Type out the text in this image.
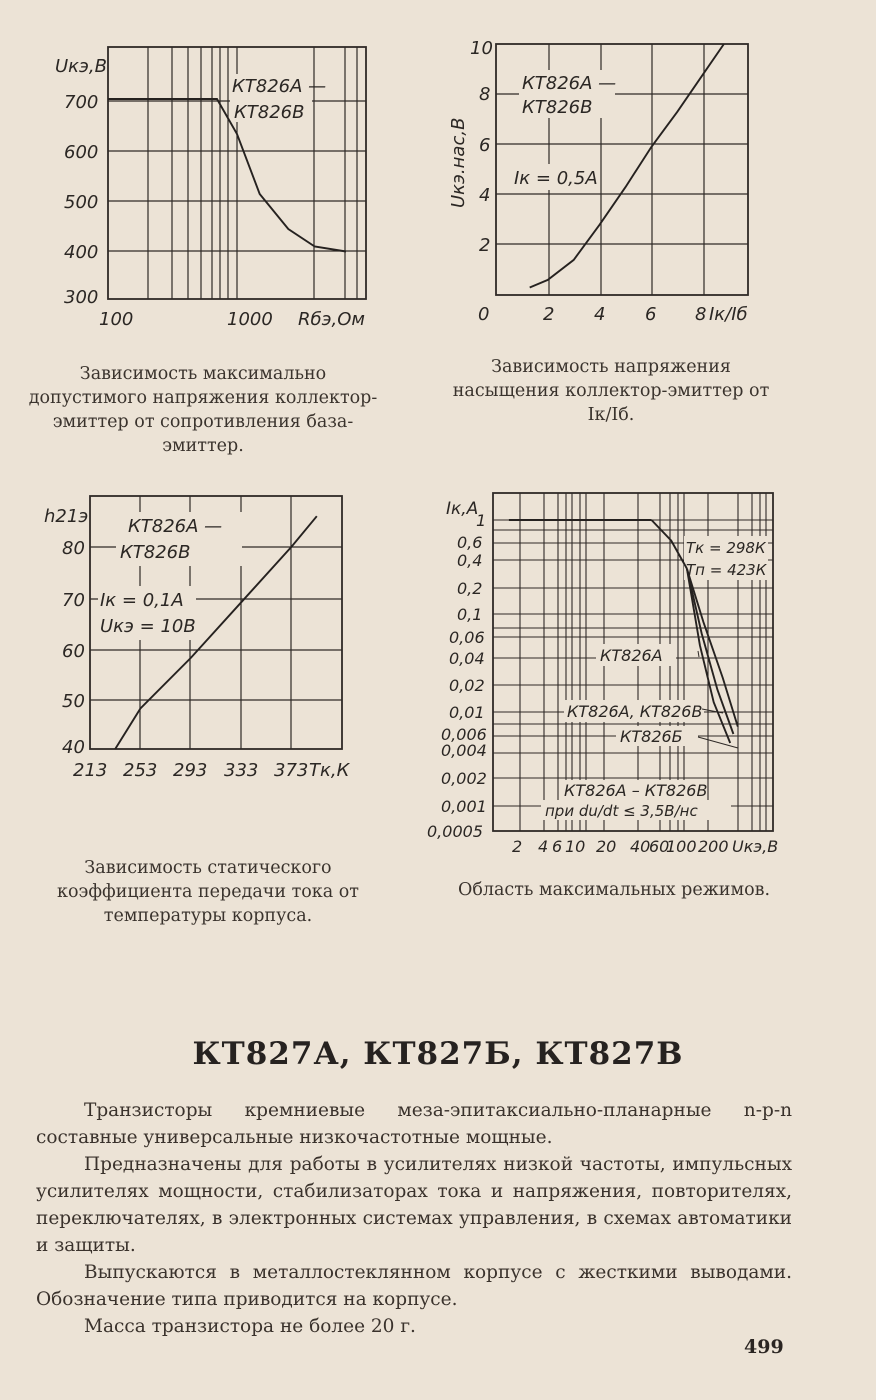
Uкэ,В
700
600
500
400
300
100	1000 Rбэ,Ом
КТ826А —
КТ826В
10
8
6
4
2
Uкэ.нас,В
0	2 4 6 8 Iк/Iб
КТ826А —
КТ826В
Iк = 0,5А
h21э
80
70
60
50
40
213 253 293 333 373 Tк,К
КТ826А —
КТ826В
Iк = 0,1А
Uкэ = 10В
Iк,А
1
0,6
0,4
0,2
0,1
0,06
0,04
0,02
0,01
0,006
0,004
0,002
0,001
0,0005
2 4 6 10 20 40
60
100 200 Uкэ,В
Tк = 298К
Tп = 423К
КТ826А
КТ826А, КТ826В
КТ826Б
КТ826А – КТ826В
при du/dt ≤ 3,5В/нс
Зависимость максимально допустимого напряжения коллектор-эмиттер от сопротивления база-эмиттер.
Зависимость напряжения насыщения коллектор-эмиттер от Iк/Iб.
Зависимость статического коэффициента передачи тока от температуры корпуса.
Область максимальных режимов.
КТ827А, КТ827Б, КТ827В

Транзисторы кремниевые меза-эпитаксиально-планарные n-p-n составные универсальные низкочастотные мощные.

Предназначены для работы в усилителях низкой частоты, импульсных усилителях мощности, стабилизаторах тока и напряжения, повторителях, переключателях, в электронных системах управления, в схемах автоматики и защиты.

Выпускаются в металлостеклянном корпусе с жесткими выводами. Обозначение типа приводится на корпусе.

Масса транзистора не более 20 г.

499
